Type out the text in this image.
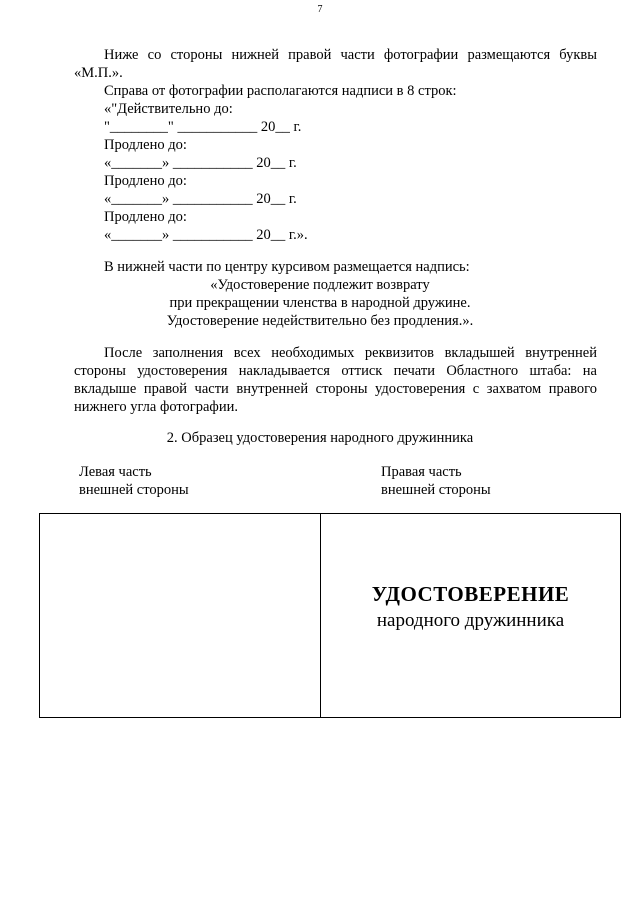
7
Ниже со стороны нижней правой части фотографии размещаются буквы
«М.П.».
Справа от фотографии располагаются надписи в 8 строк:
«"Действительно до:
"________" ___________ 20__ г.
Продлено до:
«_______» ___________ 20__ г.
Продлено до:
«_______» ___________ 20__ г.
Продлено до:
«_______» ___________ 20__ г.».
В нижней части по центру курсивом размещается надпись:
«Удостоверение подлежит возврату
при прекращении членства в народной дружине.
Удостоверение недействительно без продления.».
После заполнения всех необходимых реквизитов вкладышей внутренней
стороны удостоверения накладывается оттиск печати Областного штаба: на
вкладыше правой части внутренней стороны удостоверения с захватом правого
нижнего угла фотографии.
2. Образец удостоверения народного дружинника
Левая часть
внешней стороны
Правая часть
внешней стороны
УДОСТОВЕРЕНИЕ
народного дружинника
